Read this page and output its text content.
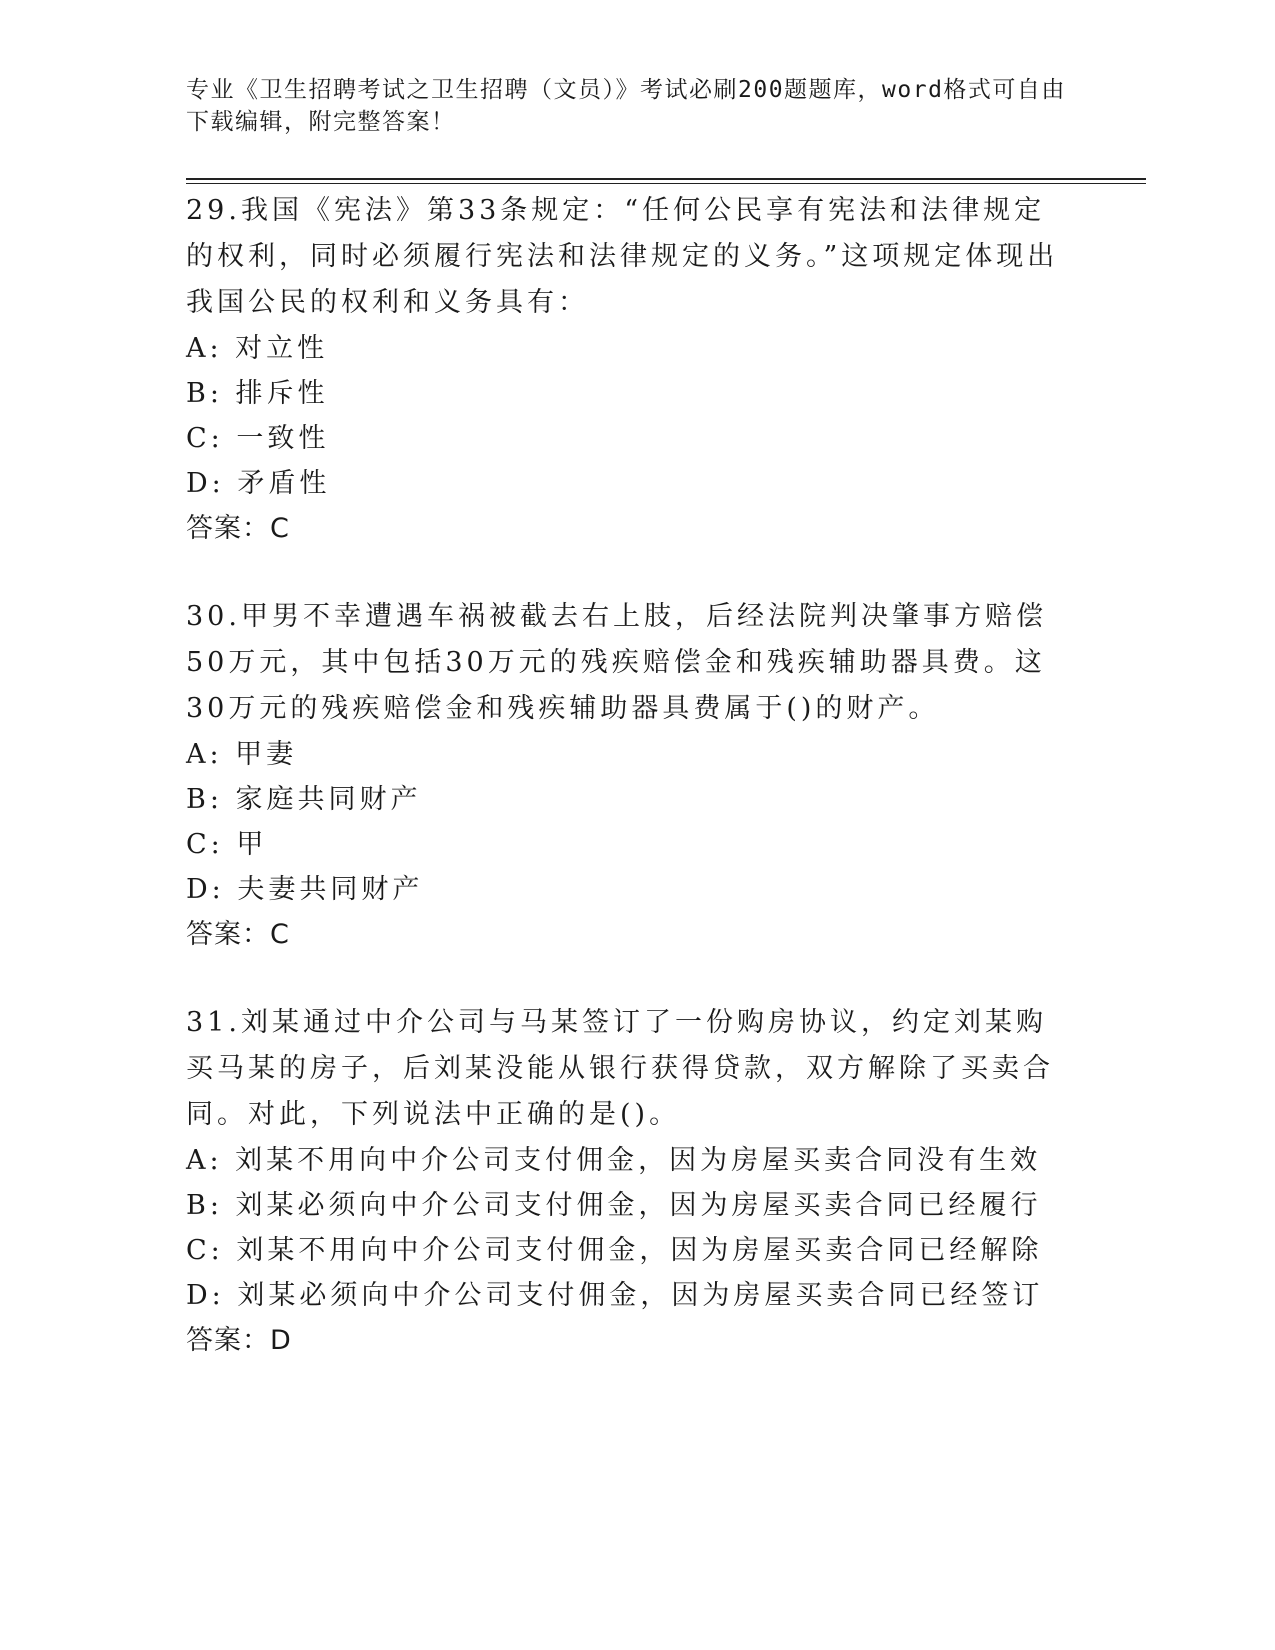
专业《卫生招聘考试之卫生招聘（文员）》考试必刷200题题库，word格式可自由下载编辑，附完整答案！
29.我国《宪法》第33条规定：“任何公民享有宪法和法律规定的权利，同时必须履行宪法和法律规定的义务。”这项规定体现出我国公民的权利和义务具有：
A: 对立性
B: 排斥性
C: 一致性
D: 矛盾性
答案：C
30.甲男不幸遭遇车祸被截去右上肢，后经法院判决肇事方赔偿50万元，其中包括30万元的残疾赔偿金和残疾辅助器具费。这30万元的残疾赔偿金和残疾辅助器具费属于()的财产。
A: 甲妻
B: 家庭共同财产
C: 甲
D: 夫妻共同财产
答案：C
31.刘某通过中介公司与马某签订了一份购房协议，约定刘某购买马某的房子，后刘某没能从银行获得贷款，双方解除了买卖合同。对此，下列说法中正确的是()。
A: 刘某不用向中介公司支付佣金，因为房屋买卖合同没有生效
B: 刘某必须向中介公司支付佣金，因为房屋买卖合同已经履行
C: 刘某不用向中介公司支付佣金，因为房屋买卖合同已经解除
D: 刘某必须向中介公司支付佣金，因为房屋买卖合同已经签订
答案：D
